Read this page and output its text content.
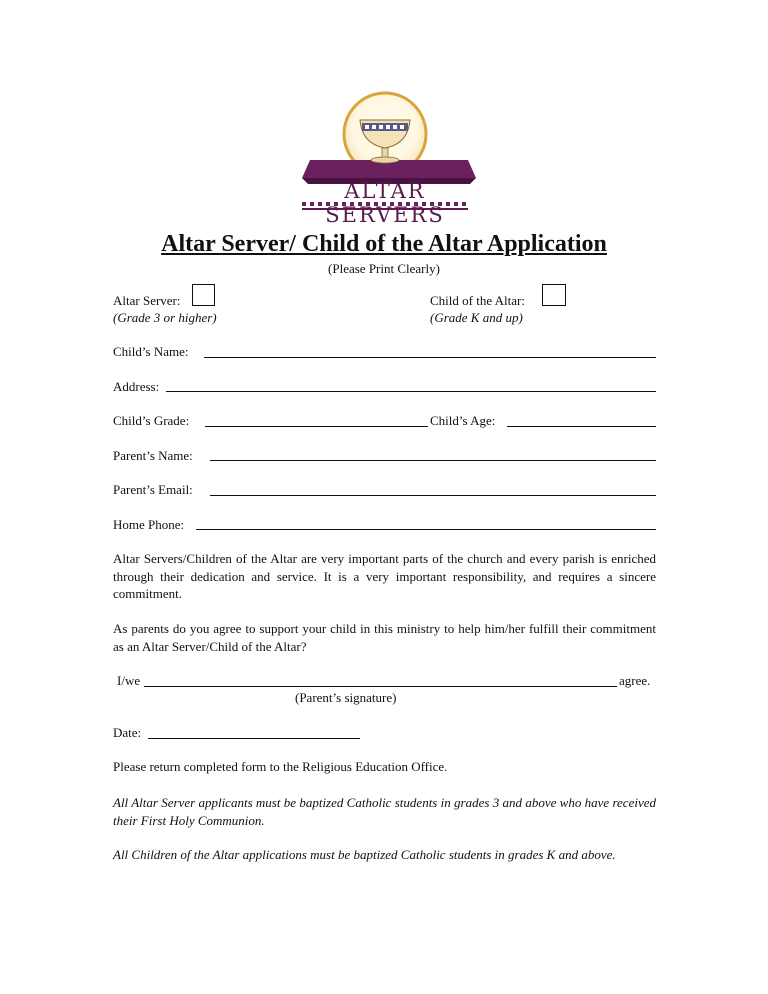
ALTAR SERVERS
Altar Server/ Child of the Altar Application
(Please Print Clearly)
Altar Server:
(Grade 3 or higher)
Child of the Altar:
(Grade K and up)
Child’s Name:
Address:
Child’s Grade:	Child’s Age:
Parent’s Name:
Parent’s Email:
Home Phone:
Altar Servers/Children of the Altar are very important parts of the church and every parish is enriched through their dedication and service. It is a very important responsibility, and requires a sincere commitment.
As parents do you agree to support your child in this ministry to help him/her fulfill their commitment as an Altar Server/Child of the Altar?
I/we	agree.
(Parent’s signature)
Date:
Please return completed form to the Religious Education Office.
All Altar Server applicants must be baptized Catholic students in grades 3 and above who have received their First Holy Communion.
All Children of the Altar applications must be baptized Catholic students in grades K and above.
